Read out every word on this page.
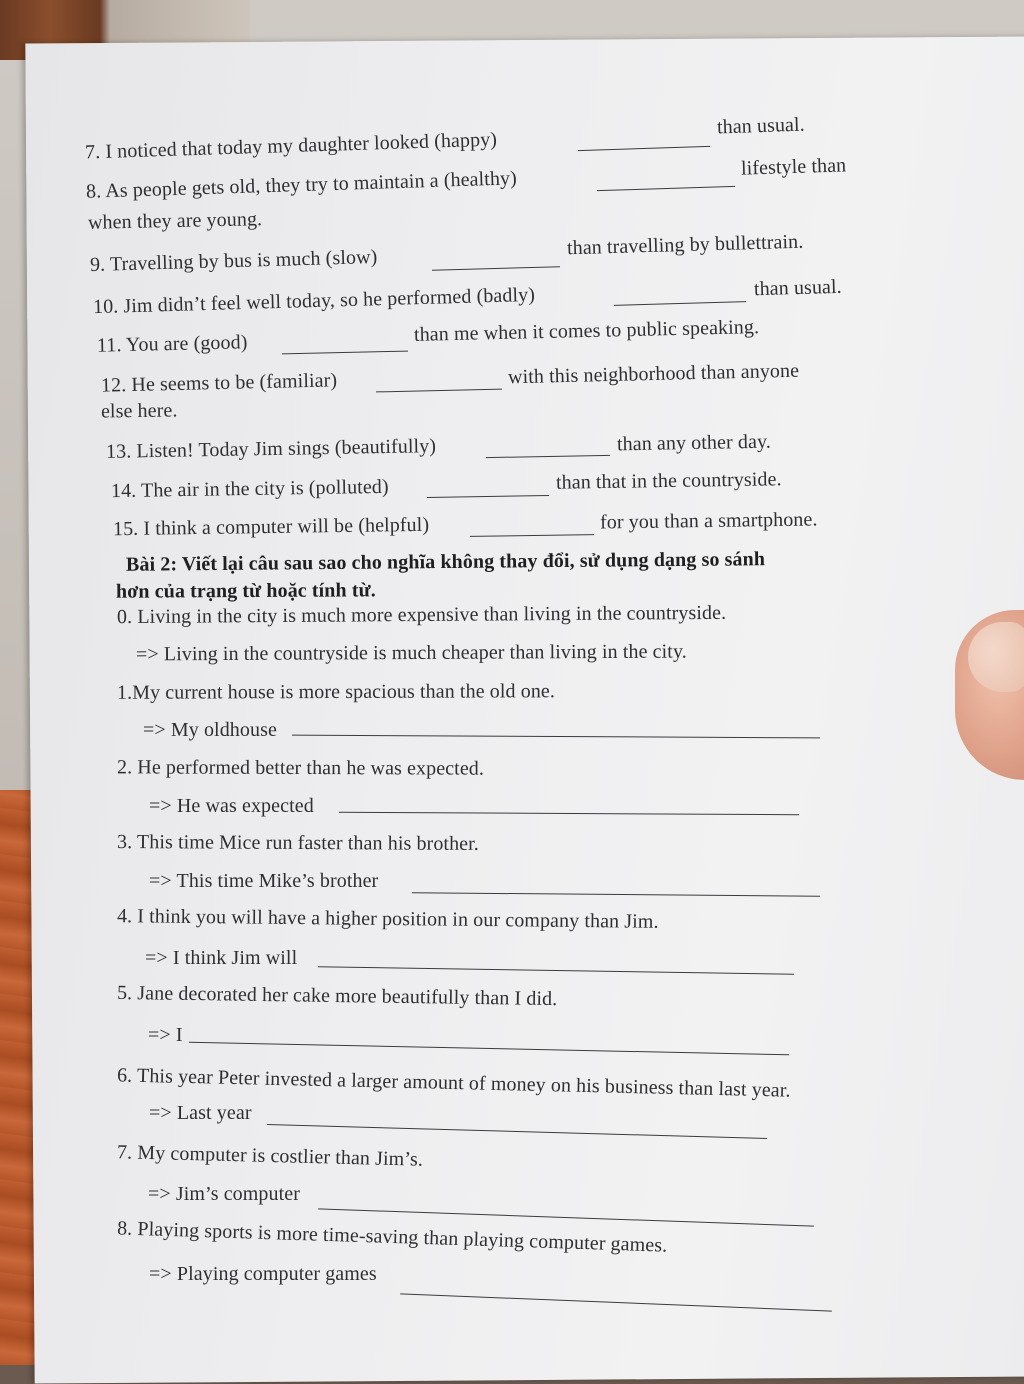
7. I noticed that today my daughter looked (happy)
than usual.
8. As people gets old, they try to maintain a (healthy)
lifestyle than
when they are young.
9. Travelling by bus is much (slow)
than travelling by bullettrain.
10. Jim didn’t feel well today, so he performed (badly)	than usual.
11. You are (good)	than me when it comes to public speaking.
12. He seems to be (familiar)	with this neighborhood than anyone
else here.
13. Listen! Today Jim sings (beautifully)	than any other day.
14. The air in the city is (polluted)	than that in the countryside.
15. I think a computer will be (helpful)	for you than a smartphone.
Bài 2: Viết lại câu sau sao cho nghĩa không thay đổi, sử dụng dạng so sánh
hơn của trạng từ hoặc tính từ.
0. Living in the city is much more expensive than living in the countryside.
=> Living in the countryside is much cheaper than living in the city.
1.My current house is more spacious than the old one.
=> My oldhouse
2. He performed better than he was expected.
=> He was expected
3. This time Mice run faster than his brother.
=> This time Mike’s brother
4. I think you will have a higher position in our company than Jim.
=> I think Jim will
5. Jane decorated her cake more beautifully than I did.
=> I
6. This year Peter invested a larger amount of money on his business than last year.
=> Last year
7. My computer is costlier than Jim’s.
=> Jim’s computer
8. Playing sports is more time-saving than playing computer games.
=> Playing computer games
